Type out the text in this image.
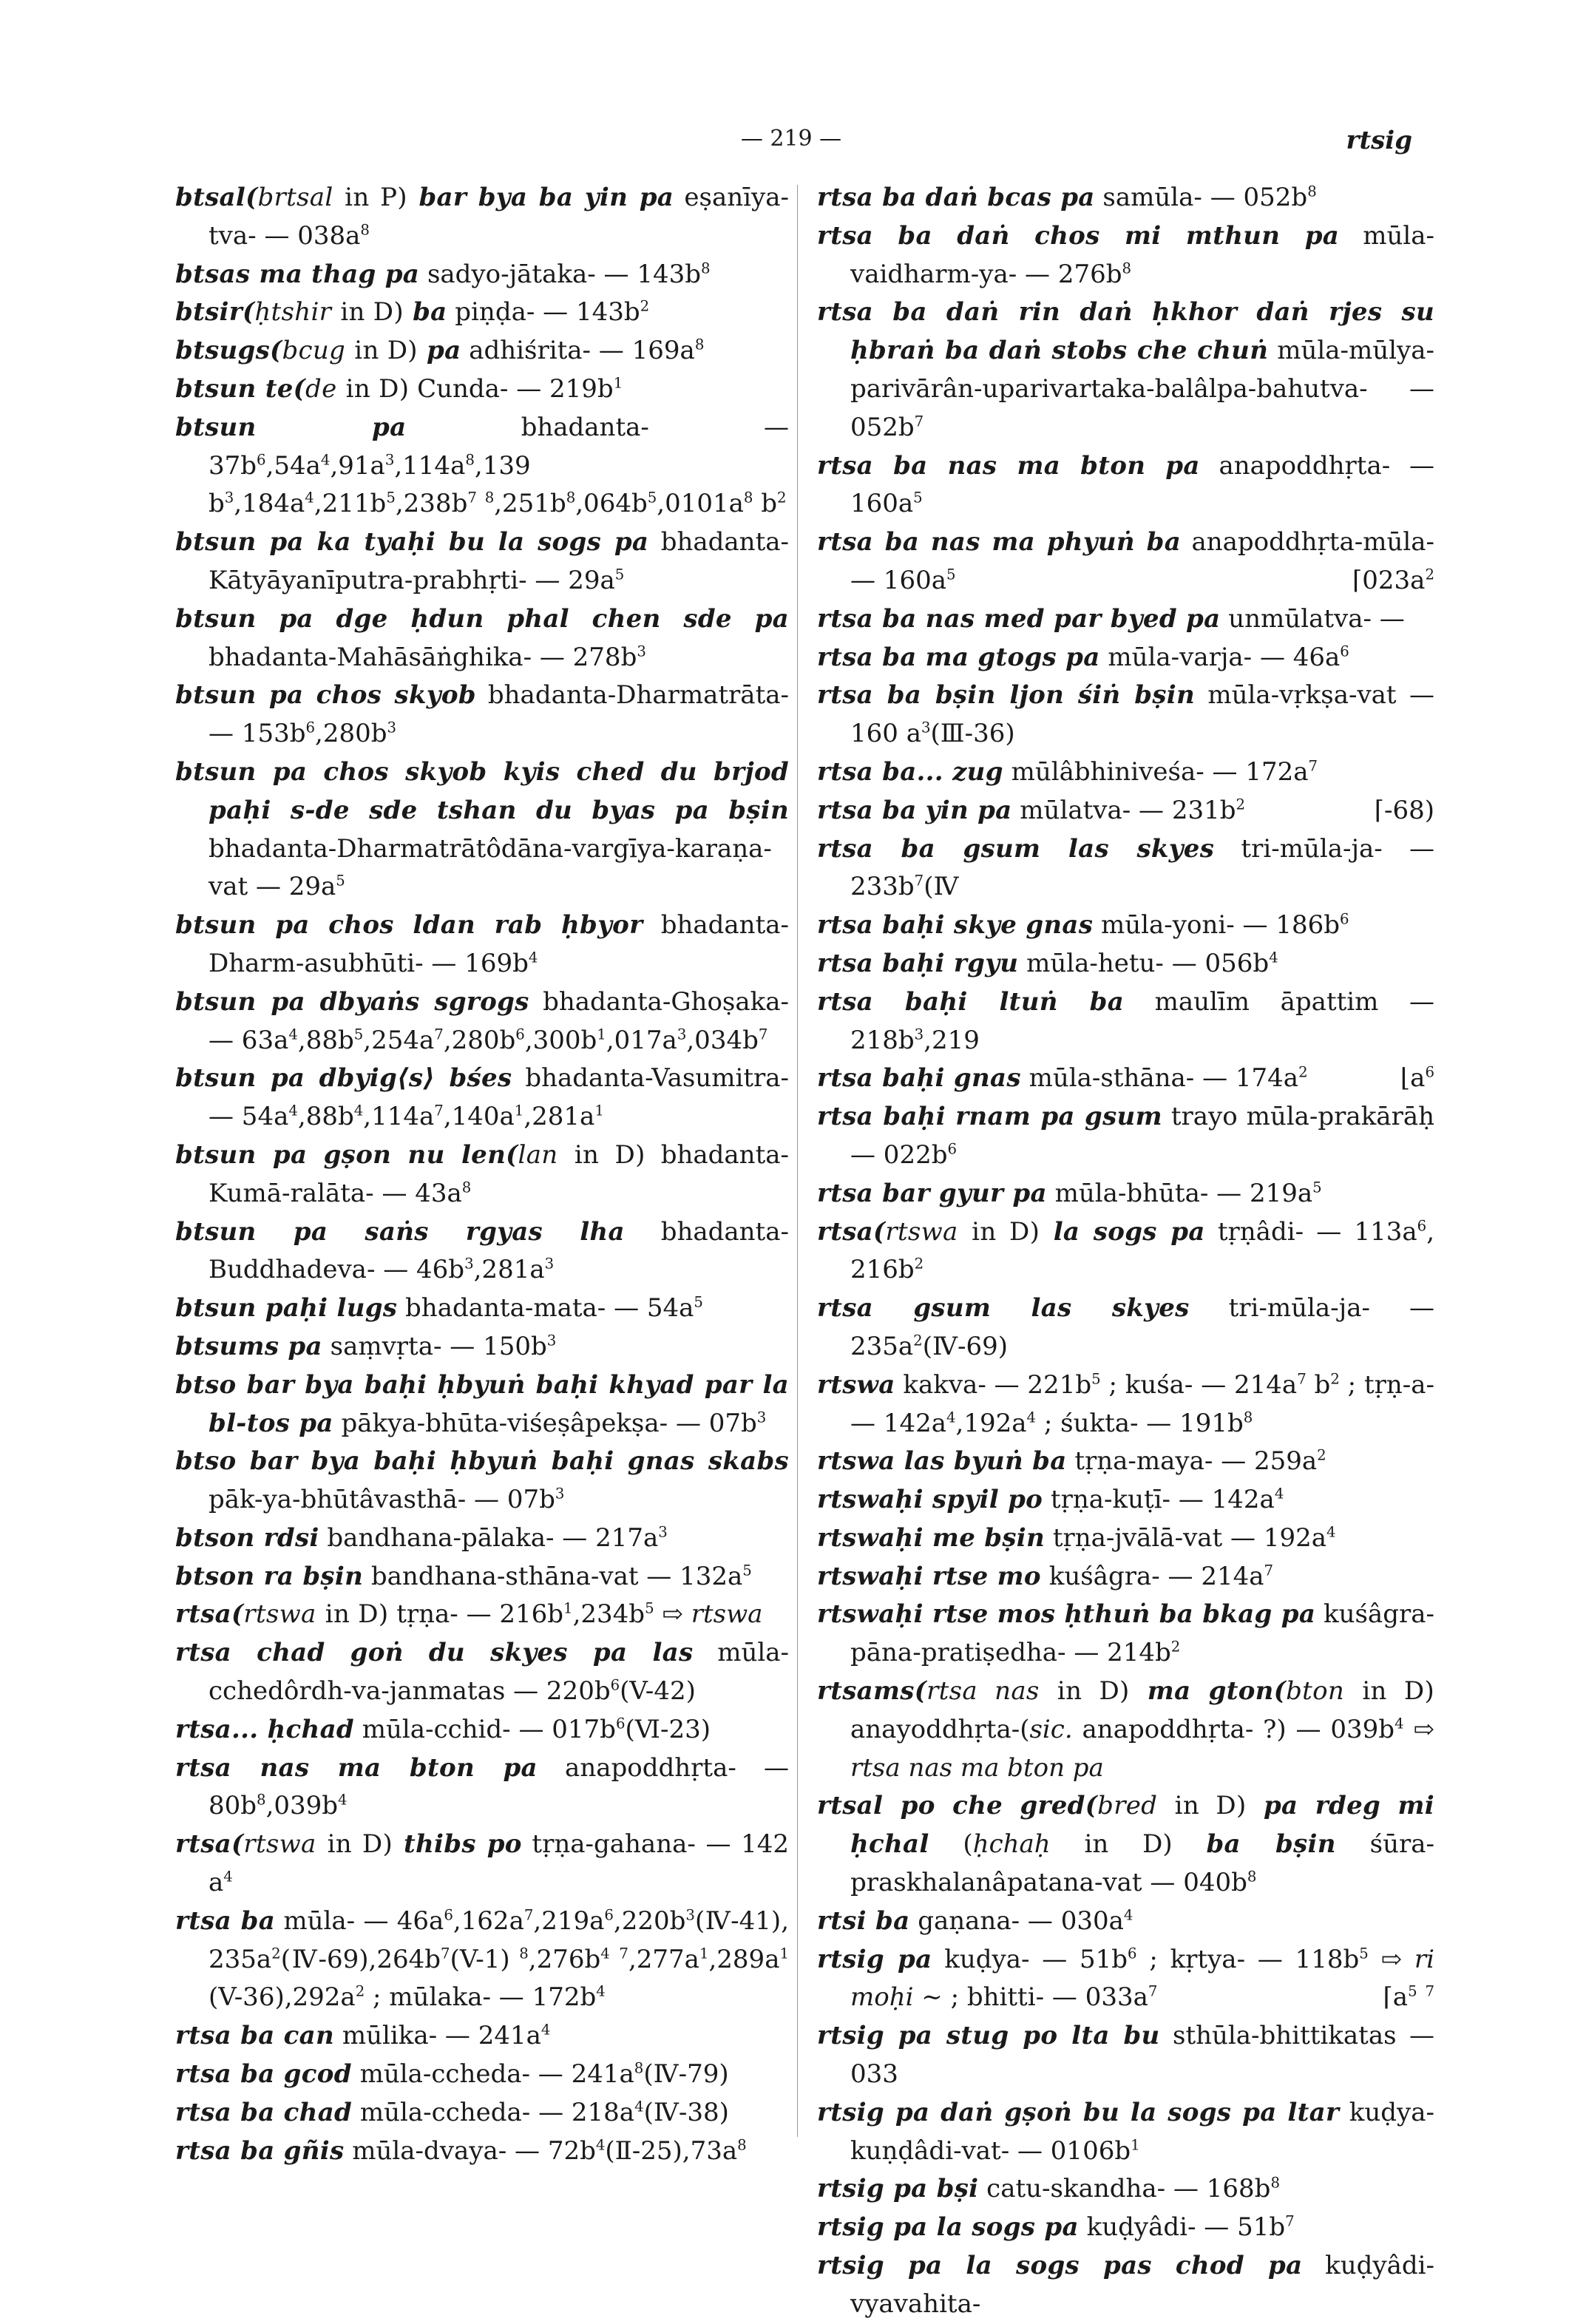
— 219 —	rtsig
btsal(brtsal in P) bar bya ba yin pa eṣanīya-tva- — $038a^8$
btsas ma thag pa sadyo-jātaka- — $143b^8$
btsir(ḥtshir in D) ba piṇḍa- — $143b^2$
btsugs(bcug in D) pa adhiśrita- — $169a^8$
btsun te(de in D) Cunda- — $219b^1$
btsun pa bhadanta- — $37b^6,54a^4,91a^3,114a^8,139$ $b^3,184a^4,211b^5,238b^7$ $^8,251b^8,064b^5,0101a^8$ $b^2$
btsun pa ka tyaḥi bu la sogs pa bhadanta-Kātyāyanīputra-prabhṛti- — $29a^5$
btsun pa dge ḥdun phal chen sde pa bhadanta-Mahāsāṅghika- — $278b^3$
btsun pa chos skyob bhadanta-Dharmatrāta- — $153b^6,280b^3$
btsun pa chos skyob kyis ched du brjod paḥi s-de sde tshan du byas pa bṣin bhadanta-Dharmatrātôdāna-vargīya-karaṇa-vat — $29a^5$
btsun pa chos ldan rab ḥbyor bhadanta-Dharm-asubhūti- — $169b^4$
btsun pa dbyaṅs sgrogs bhadanta-Ghoṣaka- — $63a^4,88b^5,254a^7,280b^6,300b^1,017a^3,034b^7$
btsun pa dbyig⟨s⟩ bśes bhadanta-Vasumitra- — $54a^4,88b^4,114a^7,140a^1,281a^1$
btsun pa gṣon nu len(lan in D) bhadanta-Kumā-ralāta- — $43a^8$
btsun pa saṅs rgyas lha bhadanta-Buddhadeva- — $46b^3,281a^3$
btsun paḥi lugs bhadanta-mata- — $54a^5$
btsums pa saṃvṛta- — $150b^3$
btso bar bya baḥi ḥbyuṅ baḥi khyad par la bl-tos pa pākya-bhūta-viśeṣâpekṣa- — $07b^3$
btso bar bya baḥi ḥbyuṅ baḥi gnas skabs pāk-ya-bhūtâvasthā- — $07b^3$
btson rdsi bandhana-pālaka- — $217a^3$
btson ra bṣin bandhana-sthāna-vat — $132a^5$
rtsa(rtswa in D) tṛṇa- — $216b^1,234b^5$ ⇨ rtswa
rtsa chad goṅ du skyes pa las mūla-cchedôrdh-va-janmatas — $220b^6(V-42)$
rtsa... ḥchad mūla-cchid- — $017b^6(Ⅵ-23)$
rtsa nas ma bton pa anapoddhṛta- — $80b^8,039b^4$
rtsa(rtswa in D) thibs po tṛṇa-gahana- — 142 $a^4$
rtsa ba mūla- — $46a^6,162a^7,219a^6,220b^3(Ⅳ-41)$, $235a^2(Ⅳ-69),264b^7(V-1)$ $^8,276b^4$ $^7,277a^1,289a^1$ $(V-36),292a^2$ ; mūlaka- — $172b^4$
rtsa ba can mūlika- — $241a^4$
rtsa ba gcod mūla-ccheda- — $241a^8(Ⅳ-79)$
rtsa ba chad mūla-ccheda- — $218a^4(Ⅳ-38)$
rtsa ba gñis mūla-dvaya- — $72b^4(Ⅱ-25),73a^8$
rtsa ba daṅ bcas pa samūla- — $052b^8$
rtsa ba daṅ chos mi mthun pa mūla-vaidharm-ya- — $276b^8$
rtsa ba daṅ rin daṅ ḥkhor daṅ rjes su ḥbraṅ ba daṅ stobs che chuṅ mūla-mūlya-parivārân-uparivartaka-balâlpa-bahutva- — $052b^7$
rtsa ba nas ma bton pa anapoddhṛta- — $160a^5$
rtsa ba nas ma phyuṅ ba anapoddhṛta-mūla- — $160a^5$	$⌈023a^2$
rtsa ba nas med par byed pa unmūlatva- —
rtsa ba ma gtogs pa mūla-varja- — $46a^6$
rtsa ba bṣin ljon śiṅ bṣin mūla-vṛkṣa-vat — 160 $a^3(Ⅲ-36)$
rtsa ba... zug mūlâbhiniveśa- — $172a^7$
rtsa ba yin pa mūlatva- — $231b^2$	⌈-68)
rtsa ba gsum las skyes tri-mūla-ja- — $233b^7(Ⅳ$
rtsa baḥi skye gnas mūla-yoni- — $186b^6$
rtsa baḥi rgyu mūla-hetu- — $056b^4$
rtsa baḥi ltuṅ ba maulīm āpattim — $218b^3,219$
rtsa baḥi gnas mūla-sthāna- — $174a^2$	$⌊a^6$
rtsa baḥi rnam pa gsum trayo mūla-prakārāḥ — $022b^6$
rtsa bar gyur pa mūla-bhūta- — $219a^5$
rtsa(rtswa in D) la sogs pa tṛṇâdi- — $113a^6$, $216b^2$
rtsa gsum las skyes tri-mūla-ja- — $235a^2(Ⅳ-69)$
rtswa kakva- — $221b^5$ ; kuśa- — $214a^7$ $b^2$ ; tṛṇ-a- — $142a^4,192a^4$ ; śukta- — $191b^8$
rtswa las byuṅ ba tṛṇa-maya- — $259a^2$
rtswaḥi spyil po tṛṇa-kuṭī- — $142a^4$
rtswaḥi me bṣin tṛṇa-jvālā-vat — $192a^4$
rtswaḥi rtse mo kuśâgra- — $214a^7$
rtswaḥi rtse mos ḥthuṅ ba bkag pa kuśâgra-pāna-pratiṣedha- — $214b^2$
rtsams(rtsa nas in D) ma gton(bton in D) anayoddhṛta-(sic. anapoddhṛta- ?) — $039b^4$ ⇨ rtsa nas ma bton pa
rtsal po che gred(bred in D) pa rdeg mi ḥchal (ḥchaḥ in D) ba bṣin śūra-praskhalanâpatana-vat — $040b^8$
rtsi ba gaṇana- — $030a^4$
rtsig pa kuḍya- — $51b^6$ ; kṛtya- — $118b^5$ ⇨ ri moḥi ∼ ; bhitti- — $033a^7$	$⌈a^5$ $^7$
rtsig pa stug po lta bu sthūla-bhittikatas — 033
rtsig pa daṅ gṣoṅ bu la sogs pa ltar kuḍya-kuṇḍâdi-vat- — $0106b^1$
rtsig pa bṣi catu-skandha- — $168b^8$
rtsig pa la sogs pa kuḍyâdi- — $51b^7$
rtsig pa la sogs pas chod pa kuḍyâdi-vyavahita-
